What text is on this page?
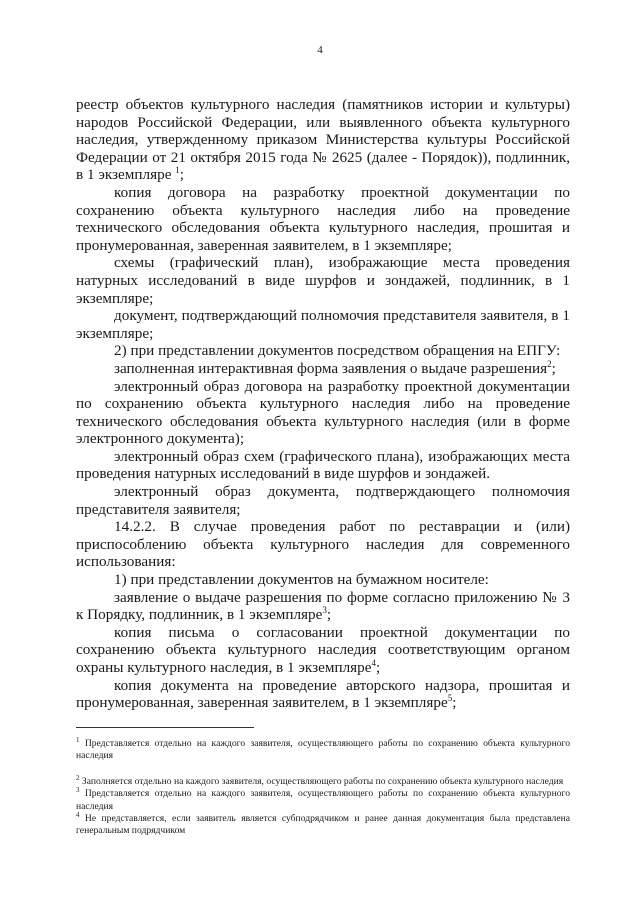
4

реестр объектов культурного наследия (памятников истории и культуры) народов Российской Федерации, или выявленного объекта культурного наследия, утвержденному приказом Министерства культуры Российской Федерации от 21 октября 2015 года № 2625 (далее - Порядок)), подлинник, в 1 экземпляре $^1$;

копия договора на разработку проектной документации по сохранению объекта культурного наследия либо на проведение технического обследования объекта культурного наследия, прошитая и пронумерованная, заверенная заявителем, в 1 экземпляре;

схемы (графический план), изображающие места проведения натурных исследований в виде шурфов и зондажей, подлинник, в 1 экземпляре;

документ, подтверждающий полномочия представителя заявителя, в 1 экземпляре;

2) при представлении документов посредством обращения на ЕПГУ:

заполненная интерактивная форма заявления о выдаче разрешения$^2$;

электронный образ договора на разработку проектной документации по сохранению объекта культурного наследия либо на проведение технического обследования объекта культурного наследия (или в форме электронного документа);

электронный образ схем (графического плана), изображающих места проведения натурных исследований в виде шурфов и зондажей.

электронный образ документа, подтверждающего полномочия представителя заявителя;

14.2.2. В случае проведения работ по реставрации и (или) приспособлению объекта культурного наследия для современного использования:

1) при представлении документов на бумажном носителе:

заявление о выдаче разрешения по форме согласно приложению № 3 к Порядку, подлинник, в 1 экземпляре$^3$;

копия письма о согласовании проектной документации по сохранению объекта культурного наследия соответствующим органом охраны культурного наследия, в 1 экземпляре$^4$;

копия документа на проведение авторского надзора, прошитая и пронумерованная, заверенная заявителем, в 1 экземпляре$^5$;

$^1$ Представляется отдельно на каждого заявителя, осуществляющего работы по сохранению объекта культурного наследия

$^2$ Заполняется отдельно на каждого заявителя, осуществляющего работы по сохранению объекта культурного наследия

$^3$ Представляется отдельно на каждого заявителя, осуществляющего работы по сохранению объекта культурного наследия

$^4$ Не представляется, если заявитель является субподрядчиком и ранее данная документация была представлена генеральным подрядчиком
